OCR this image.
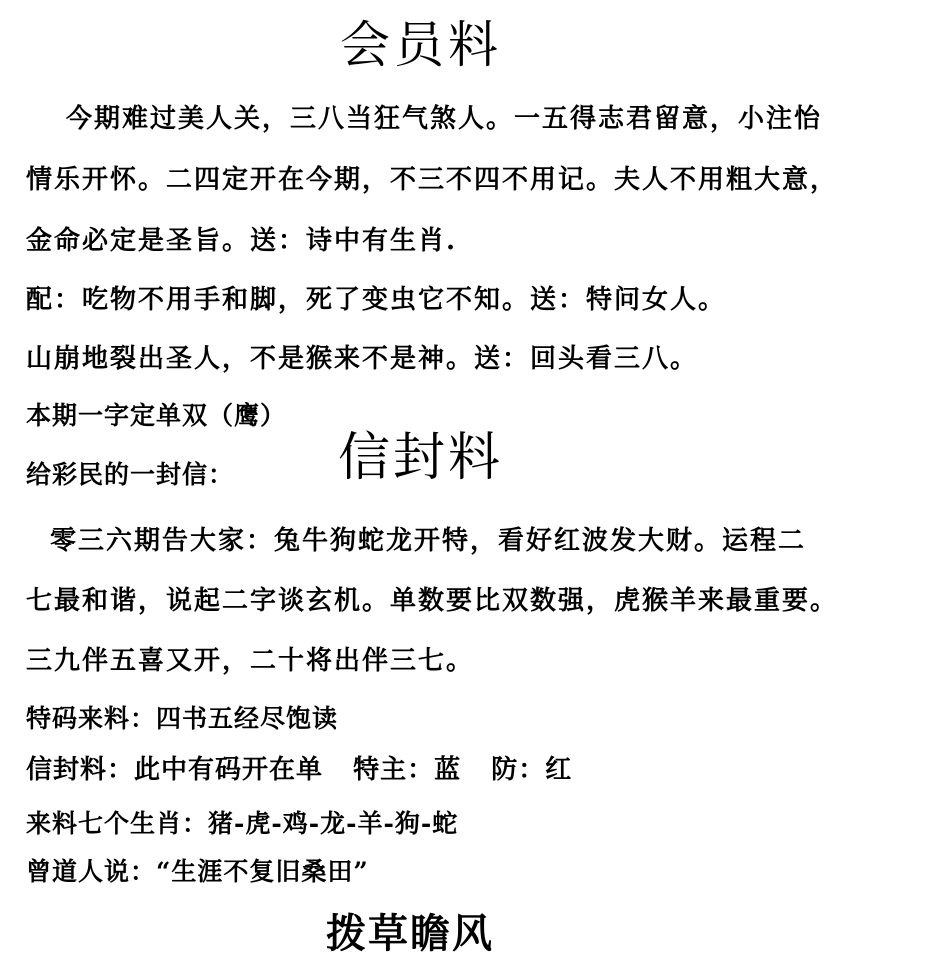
会员料
今期难过美人关，三八当狂气煞人。一五得志君留意，小注怡
情乐开怀。二四定开在今期，不三不四不用记。夫人不用粗大意，
金命必定是圣旨。送：诗中有生肖.
配：吃物不用手和脚，死了变虫它不知。送：特问女人。
山崩地裂出圣人，不是猴来不是神。送：回头看三八。
本期一字定单双（鹰）
给彩民的一封信： 信封料
零三六期告大家：兔牛狗蛇龙开特，看好红波发大财。运程二
七最和谐，说起二字谈玄机。单数要比双数强，虎猴羊来最重要。
三九伴五喜又开，二十将出伴三七。
特码来料：四书五经尽饱读
信封料：此中有码开在单   特主：蓝   防：红
来料七个生肖：猪-虎-鸡-龙-羊-狗-蛇
曾道人说：“生涯不复旧桑田”
拨草瞻风
